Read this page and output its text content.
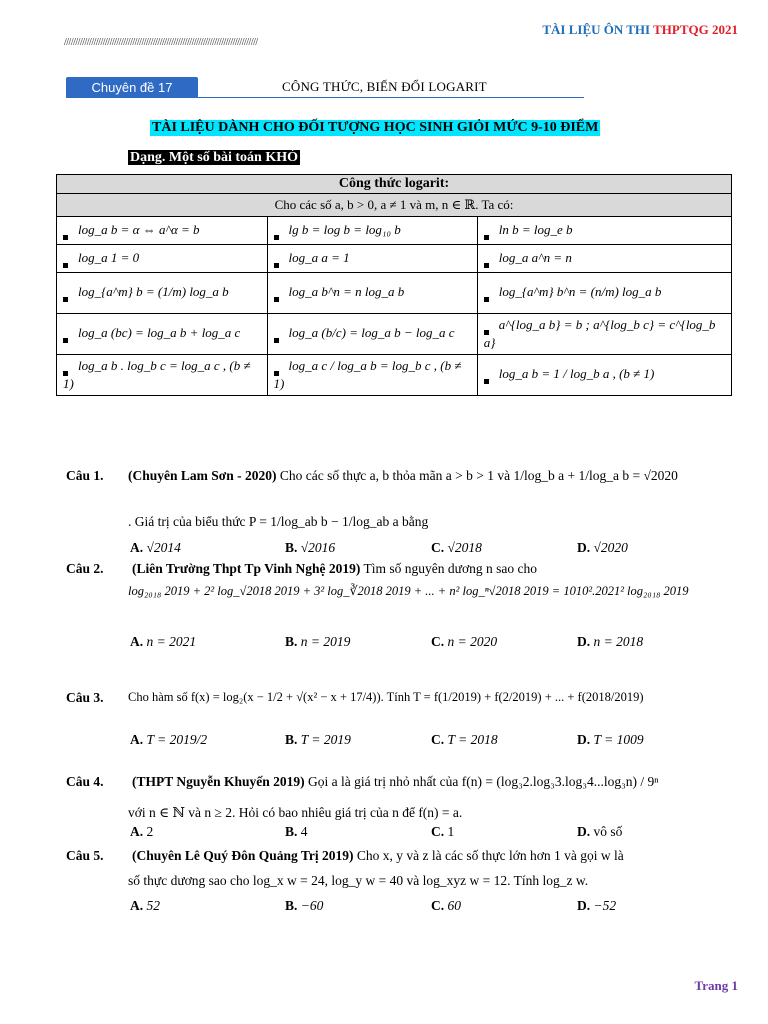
TÀI LIỆU ÔN THI THPTQG 2021
/////////////////////////////////////////////////////////////////////////////////////
Chuyên đề 17	CÔNG THỨC, BIẾN ĐỔI LOGARIT
TÀI LIỆU DÀNH CHO ĐỐI TƯỢNG HỌC SINH GIỎI MỨC 9-10 ĐIỂM
Dạng. Một số bài toán KHÓ
Công thức logarit:		
Cho các số a, b > 0, a ≠ 1 và m, n ∈ ℝ. Ta có:		
log_a b = α ⇔ a^α = b	lg b = log b = log₁₀ b	ln b = log_e b
log_a 1 = 0	log_a a = 1	log_a a^n = n
log_{a^m} b = (1/m) log_a b	log_a b^n = n log_a b	log_{a^m} b^n = (n/m) log_a b
log_a (bc) = log_a b + log_a c	log_a (b/c) = log_a b − log_a c	a^{log_a b} = b ; a^{log_b c} = c^{log_b a}
log_a b . log_b c = log_a c , (b ≠ 1)	log_a c / log_a b = log_b c , (b ≠ 1)	log_a b = 1 / log_b a , (b ≠ 1)
Câu 1. (Chuyên Lam Sơn - 2020) Cho các số thực a, b thỏa mãn a > b > 1 và 1/log_b a + 1/log_a b = √2020
. Giá trị của biểu thức P = 1/log_ab b − 1/log_ab a bằng
A. √2014	B. √2016	C. √2018	D. √2020
Câu 2. (Liên Trường Thpt Tp Vinh Nghệ 2019) Tìm số nguyên dương n sao cho
log₂₀₁₈ 2019 + 2² log_√2018 2019 + 3² log_∛2018 2019 + ... + n² log_ⁿ√2018 2019 = 1010².2021² log₂₀₁₈ 2019
A. n = 2021	B. n = 2019	C. n = 2020	D. n = 2018
Câu 3. Cho hàm số f(x) = log₂(x − 1/2 + √(x² − x + 17/4)). Tính T = f(1/2019) + f(2/2019) + ... + f(2018/2019)
A. T = 2019/2	B. T = 2019	C. T = 2018	D. T = 1009
Câu 4. (THPT Nguyễn Khuyến 2019) Gọi a là giá trị nhỏ nhất của f(n) = (log₃2.log₃3.log₃4...log₃n) / 9ⁿ
với n ∈ ℕ và n ≥ 2. Hỏi có bao nhiêu giá trị của n để f(n) = a.
A. 2	B. 4	C. 1	D. vô số
Câu 5. (Chuyên Lê Quý Đôn Quảng Trị 2019) Cho x, y và z là các số thực lớn hơn 1 và gọi w là
số thực dương sao cho log_x w = 24, log_y w = 40 và log_xyz w = 12. Tính log_z w.
A. 52	B. −60	C. 60	D. −52
Trang 1
